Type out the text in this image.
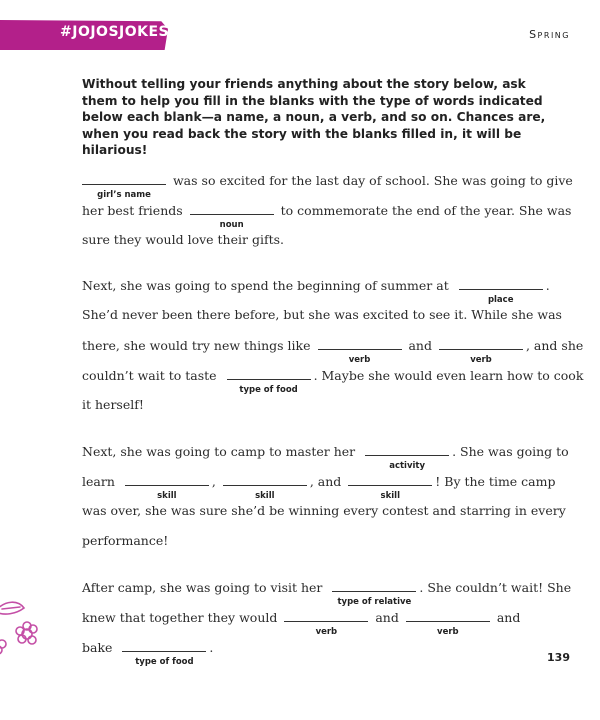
#JOJOSJOKES	Spring
Without telling your friends anything about the story below, ask them to help you fill in the blanks with the type of words indicated below each blank—a name, a noun, a verb, and so on. Chances are, when you read back the story with the blanks filled in, it will be hilarious!
girl’s name
was so excited for the last day of school. She was going to give
her best friends
noun
to commemorate the end of the year. She was
sure they would love their gifts.
Next, she was going to spend the beginning of summer at
place
.
She’d never been there before, but she was excited to see it. While she was
there, she would try new things like
verb
and
verb
, and she
couldn’t wait to taste
type of food
. Maybe she would even learn how to cook
it herself!
Next, she was going to camp to master her
activity
. She was going to
learn
skill
,
skill
, and
skill
! By the time camp
was over, she was sure she’d be winning every contest and starring in every
performance!
After camp, she was going to visit her
type of relative
. She couldn’t wait! She
knew that together they would
verb
and
verb
and
bake
type of food
.
139
